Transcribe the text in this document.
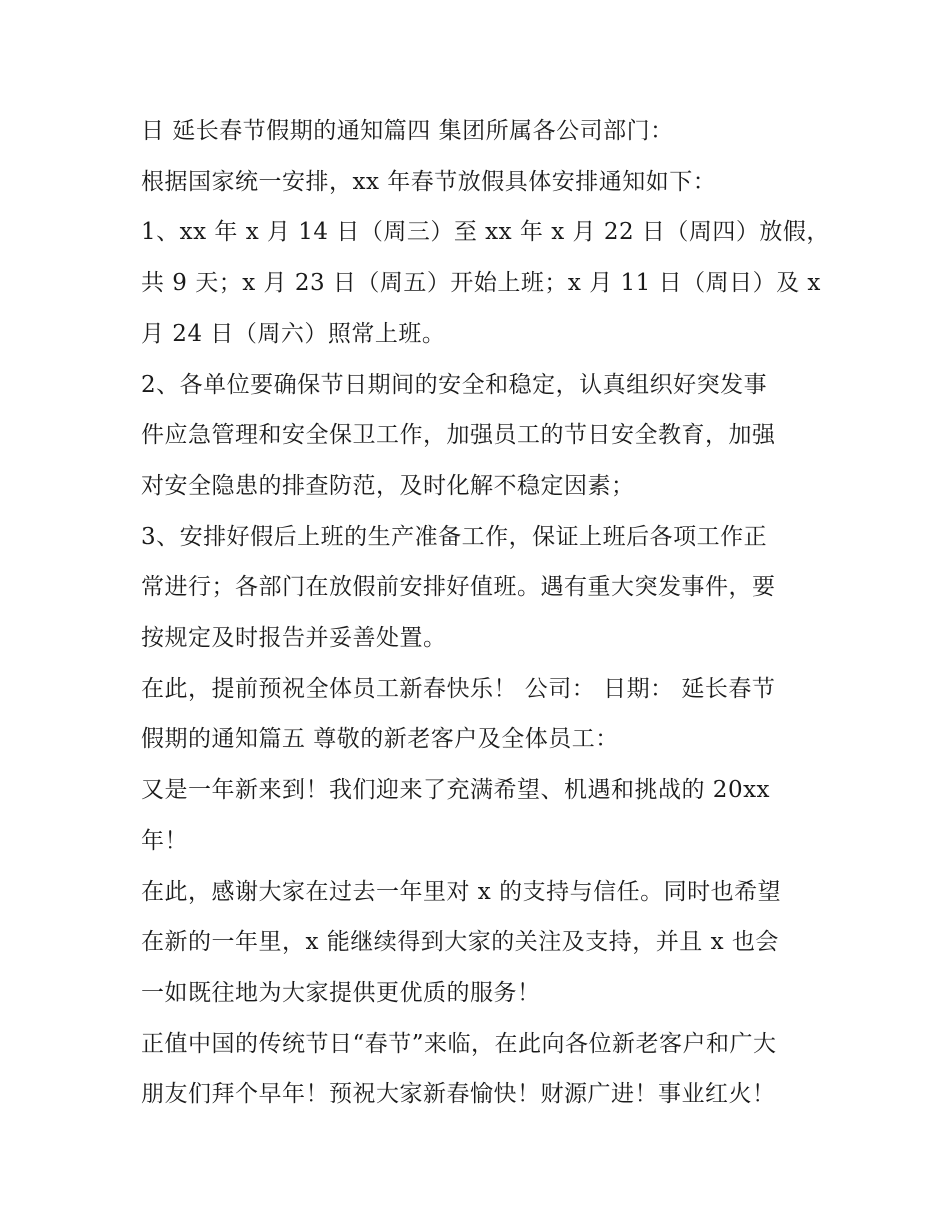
日 延长春节假期的通知篇四 集团所属各公司部门：
根据国家统一安排，xx 年春节放假具体安排通知如下：
1、xx 年 x 月 14 日（周三）至 xx 年 x 月 22 日（周四）放假，
共 9 天；x 月 23 日（周五）开始上班；x 月 11 日（周日）及 x
月 24 日（周六）照常上班。
2、各单位要确保节日期间的安全和稳定，认真组织好突发事
件应急管理和安全保卫工作，加强员工的节日安全教育，加强
对安全隐患的排查防范，及时化解不稳定因素；
3、安排好假后上班的生产准备工作，保证上班后各项工作正
常进行；各部门在放假前安排好值班。遇有重大突发事件，要
按规定及时报告并妥善处置。
在此，提前预祝全体员工新春快乐！ 公司： 日期： 延长春节
假期的通知篇五 尊敬的新老客户及全体员工：
又是一年新来到！我们迎来了充满希望、机遇和挑战的 20xx
年！
在此，感谢大家在过去一年里对 x 的支持与信任。同时也希望
在新的一年里，x 能继续得到大家的关注及支持，并且 x 也会
一如既往地为大家提供更优质的服务！
正值中国的传统节日“春节”来临，在此向各位新老客户和广大
朋友们拜个早年！预祝大家新春愉快！财源广进！事业红火！
